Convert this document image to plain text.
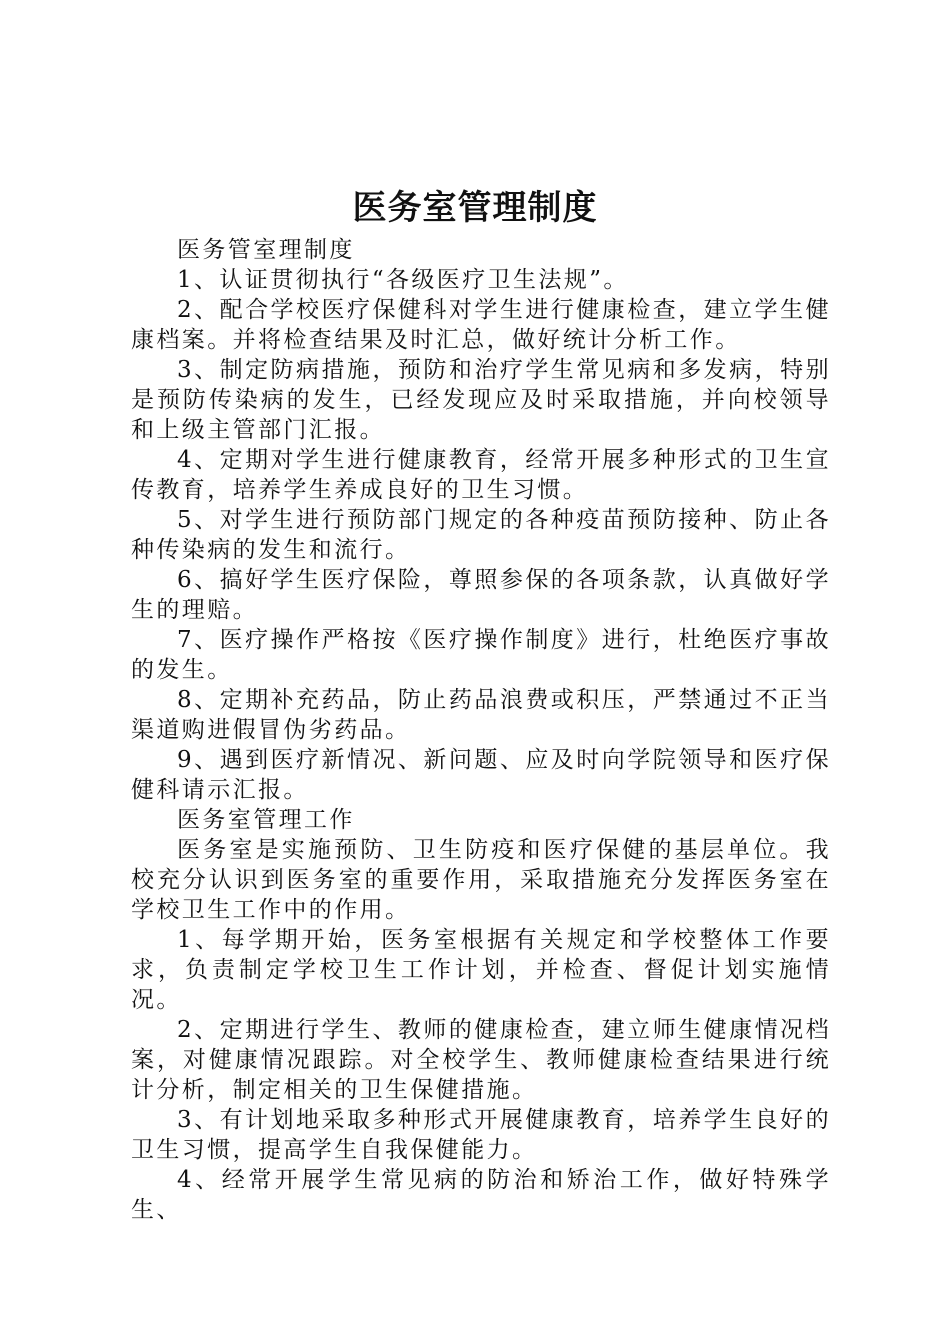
医务室管理制度

医务管室理制度

1、认证贯彻执行“各级医疗卫生法规”。

2、配合学校医疗保健科对学生进行健康检查，建立学生健康档案。并将检查结果及时汇总，做好统计分析工作。

3、制定防病措施，预防和治疗学生常见病和多发病，特别是预防传染病的发生，已经发现应及时采取措施，并向校领导和上级主管部门汇报。

4、定期对学生进行健康教育，经常开展多种形式的卫生宣传教育，培养学生养成良好的卫生习惯。

5、对学生进行预防部门规定的各种疫苗预防接种、防止各种传染病的发生和流行。

6、搞好学生医疗保险，尊照参保的各项条款，认真做好学生的理赔。

7、医疗操作严格按《医疗操作制度》进行，杜绝医疗事故的发生。

8、定期补充药品，防止药品浪费或积压，严禁通过不正当渠道购进假冒伪劣药品。

9、遇到医疗新情况、新问题、应及时向学院领导和医疗保健科请示汇报。

医务室管理工作

医务室是实施预防、卫生防疫和医疗保健的基层单位。我校充分认识到医务室的重要作用，采取措施充分发挥医务室在学校卫生工作中的作用。

1、每学期开始，医务室根据有关规定和学校整体工作要求，负责制定学校卫生工作计划，并检查、督促计划实施情况。

2、定期进行学生、教师的健康检查，建立师生健康情况档案，对健康情况跟踪。对全校学生、教师健康检查结果进行统计分析，制定相关的卫生保健措施。

3、有计划地采取多种形式开展健康教育，培养学生良好的卫生习惯，提高学生自我保健能力。

4、经常开展学生常见病的防治和矫治工作，做好特殊学生、
